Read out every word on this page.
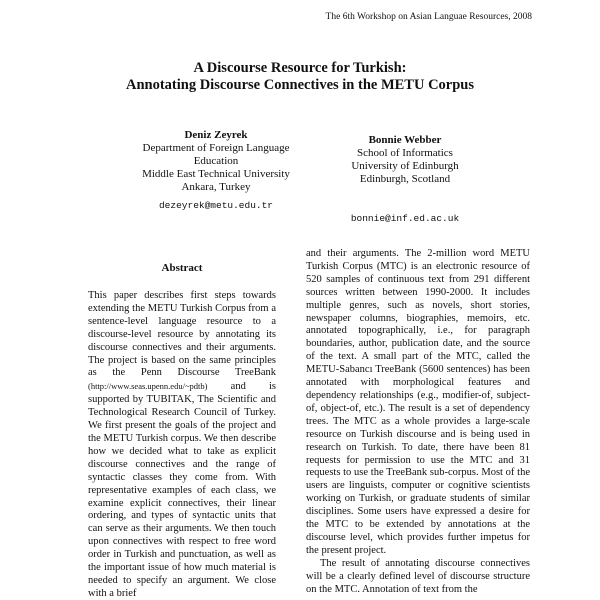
The 6th Workshop on Asian Languae Resources, 2008
A Discourse Resource for Turkish:
Annotating Discourse Connectives in the METU Corpus
Deniz Zeyrek
Department of Foreign Language
Education
Middle East Technical University
Ankara, Turkey
dezeyrek@metu.edu.tr
Bonnie Webber
School of Informatics
University of Edinburgh
Edinburgh, Scotland
bonnie@inf.ed.ac.uk
Abstract

This paper describes first steps towards extending the METU Turkish Corpus from a sentence-level language resource to a discourse-level resource by annotating its discourse connectives and their arguments. The project is based on the same principles as the Penn Discourse TreeBank (http://www.seas.upenn.edu/~pdtb) and is supported by TUBITAK, The Scientific and Technological Research Council of Turkey. We first present the goals of the project and the METU Turkish corpus. We then describe how we decided what to take as explicit discourse connectives and the range of syntactic classes they come from. With representative examples of each class, we examine explicit connectives, their linear ordering, and types of syntactic units that can serve as their arguments. We then touch upon connectives with respect to free word order in Turkish and punctuation, as well as the important issue of how much material is needed to specify an argument. We close with a brief

and their arguments. The 2-million word METU Turkish Corpus (MTC) is an electronic resource of 520 samples of continuous text from 291 different sources written between 1990-2000. It includes multiple genres, such as novels, short stories, newspaper columns, biographies, memoirs, etc. annotated topographically, i.e., for paragraph boundaries, author, publication date, and the source of the text. A small part of the MTC, called the METU-Sabancı TreeBank (5600 sentences) has been annotated with morphological features and dependency relationships (e.g., modifier-of, subject-of, object-of, etc.). The result is a set of dependency trees. The MTC as a whole provides a large-scale resource on Turkish discourse and is being used in research on Turkish. To date, there have been 81 requests for permission to use the MTC and 31 requests to use the TreeBank sub-corpus. Most of the users are linguists, computer or cognitive scientists working on Turkish, or graduate students of similar disciplines. Some users have expressed a desire for the MTC to be extended by annotations at the discourse level, which provides further impetus for the present project.

The result of annotating discourse connectives will be a clearly defined level of discourse structure on the MTC. Annotation of text from the
